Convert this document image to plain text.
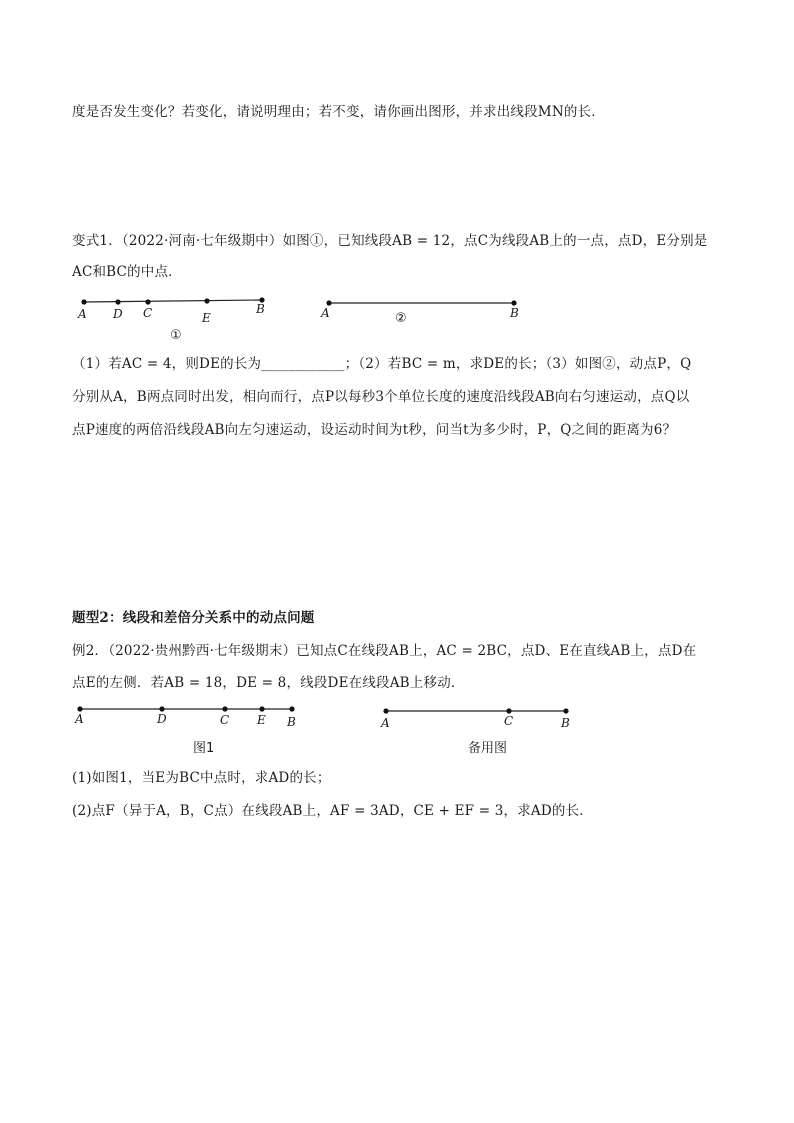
度是否发生变化？若变化，请说明理由；若不变，请你画出图形，并求出线段MN的长．
变式1．（2022·河南·七年级期中）如图①，已知线段AB = 12，点C为线段AB上的一点，点D，E分别是
AC和BC的中点．
A D C	E
B
①
A	B
②
A	D	C E B
图1
A	C	B
备用图
（1）若AC = 4，则DE的长为____________；（2）若BC = m，求DE的长；（3）如图②，动点P，Q
分别从A，B两点同时出发，相向而行，点P以每秒3个单位长度的速度沿线段AB向右匀速运动，点Q以
点P速度的两倍沿线段AB向左匀速运动，设运动时间为t秒，问当t为多少时，P，Q之间的距离为6？
题型2：线段和差倍分关系中的动点问题
例2．（2022·贵州黔西·七年级期末）已知点C在线段AB上，AC = 2BC，点D、E在直线AB上，点D在
点E的左侧．若AB = 18，DE = 8，线段DE在线段AB上移动．
(1)如图1，当E为BC中点时，求AD的长；
(2)点F（异于A，B，C点）在线段AB上，AF = 3AD，CE + EF = 3，求AD的长．
